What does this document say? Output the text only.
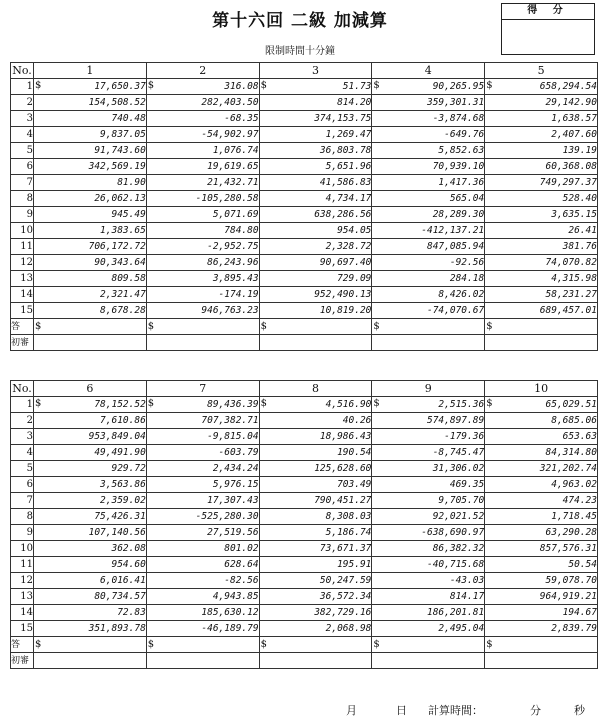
第十六回 二級 加減算
得 分
限制時間十分鐘
No.	1	2	3	4	5
1	$ 17,650.37	$ 316.08	$ 51.73	$ 90,265.95	$ 658,294.54
2	154,508.52	282,403.50	814.20	359,301.31	29,142.90
3	740.48	-68.35	374,153.75	-3,874.68	1,638.57
4	9,837.05	-54,902.97	1,269.47	-649.76	2,407.60
5	91,743.60	1,076.74	36,803.78	5,852.63	139.19
6	342,569.19	19,619.65	5,651.96	70,939.10	60,368.08
7	81.90	21,432.71	41,586.83	1,417.36	749,297.37
8	26,062.13	-105,280.58	4,734.17	565.04	528.40
9	945.49	5,071.69	638,286.56	28,289.30	3,635.15
10	1,383.65	784.80	954.05	-412,137.21	26.41
11	706,172.72	-2,952.75	2,328.72	847,085.94	381.76
12	90,343.64	86,243.96	90,697.40	-92.56	74,070.82
13	809.58	3,895.43	729.09	284.18	4,315.98
14	2,321.47	-174.19	952,490.13	8,426.02	58,231.27
15	8,678.28	946,763.23	10,819.20	-74,070.67	689,457.01
答	$	$	$	$	$

初審					
No.	6	7	8	9	10
1	$ 78,152.52	$ 89,436.39	$ 4,516.90	$ 2,515.36	$ 65,029.51
2	7,610.86	707,382.71	40.26	574,897.89	8,685.06
3	953,849.04	-9,815.04	18,986.43	-179.36	653.63
4	49,491.90	-603.79	190.54	-8,745.47	84,314.80
5	929.72	2,434.24	125,628.60	31,306.02	321,202.74
6	3,563.86	5,976.15	703.49	469.35	4,963.02
7	2,359.02	17,307.43	790,451.27	9,705.70	474.23
8	75,426.31	-525,280.30	8,308.03	92,021.52	1,718.45
9	107,140.56	27,519.56	5,186.74	-638,690.97	63,290.28
10	362.08	801.02	73,671.37	86,382.32	857,576.31
11	954.60	628.64	195.91	-40,715.68	50.54
12	6,016.41	-82.56	50,247.59	-43.03	59,078.70
13	80,734.57	4,943.85	36,572.34	814.17	964,919.21
14	72.83	185,630.12	382,729.16	186,201.81	194.67
15	351,893.78	-46,189.79	2,068.98	2,495.04	2,839.79
答	$	$	$	$	$

初審					
月	日 計算時間：	分	秒
